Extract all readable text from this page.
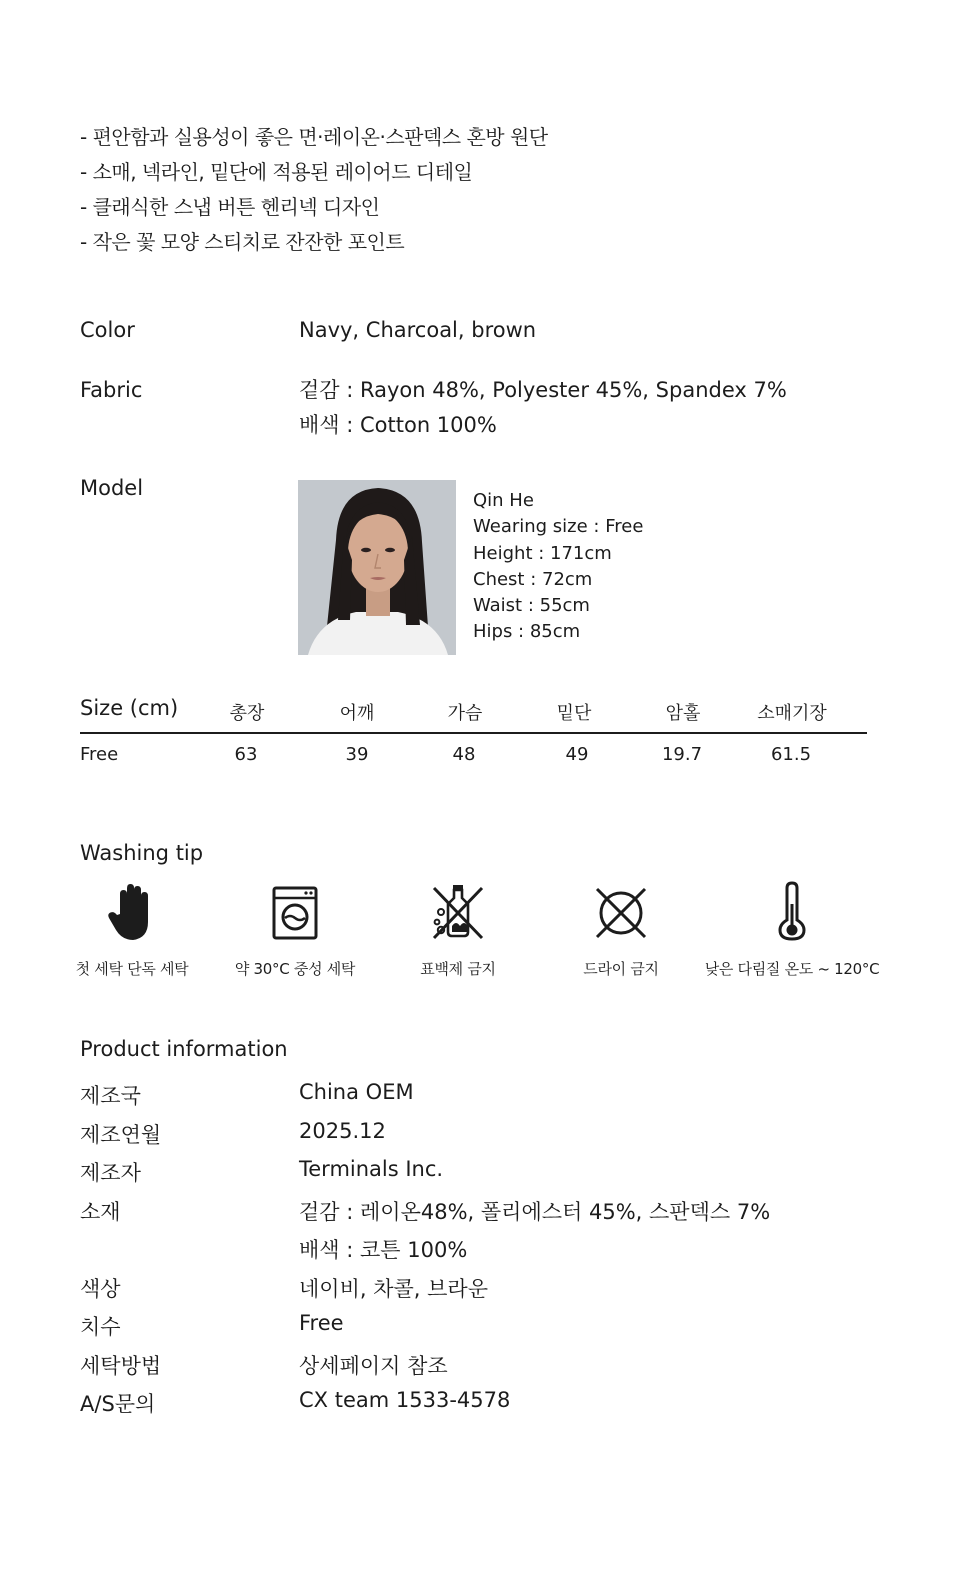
- 편안함과 실용성이 좋은 면·레이온·스판덱스 혼방 원단
- 소매, 넥라인, 밑단에 적용된 레이어드 디테일
- 클래식한 스냅 버튼 헨리넥 디자인
- 작은 꽃 모양 스티치로 잔잔한 포인트
Color	Navy, Charcoal, brown
Fabric	겉감 : Rayon 48%, Polyester 45%, Spandex 7%
배색 : Cotton 100%
Model
Qin He
Wearing size : Free
Height : 171cm
Chest : 72cm
Waist : 55cm
Hips : 85cm
Size (cm)	총장	어깨	가슴	밑단	암홀	소매기장
Free	63	39	48	49	19.7	61.5
Washing tip
첫 세탁 단독 세탁	약 30°C 중성 세탁	표백제 금지	드라이 금지	낮은 다림질 온도 ~ 120°C
Product information
제조국	China OEM
제조연월	2025.12
제조자	Terminals Inc.
소재	겉감 : 레이온48%, 폴리에스터 45%, 스판덱스 7%
배색 : 코튼 100%
색상	네이비, 차콜, 브라운
치수	Free
세탁방법	상세페이지 참조
A/S문의	CX team 1533-4578
